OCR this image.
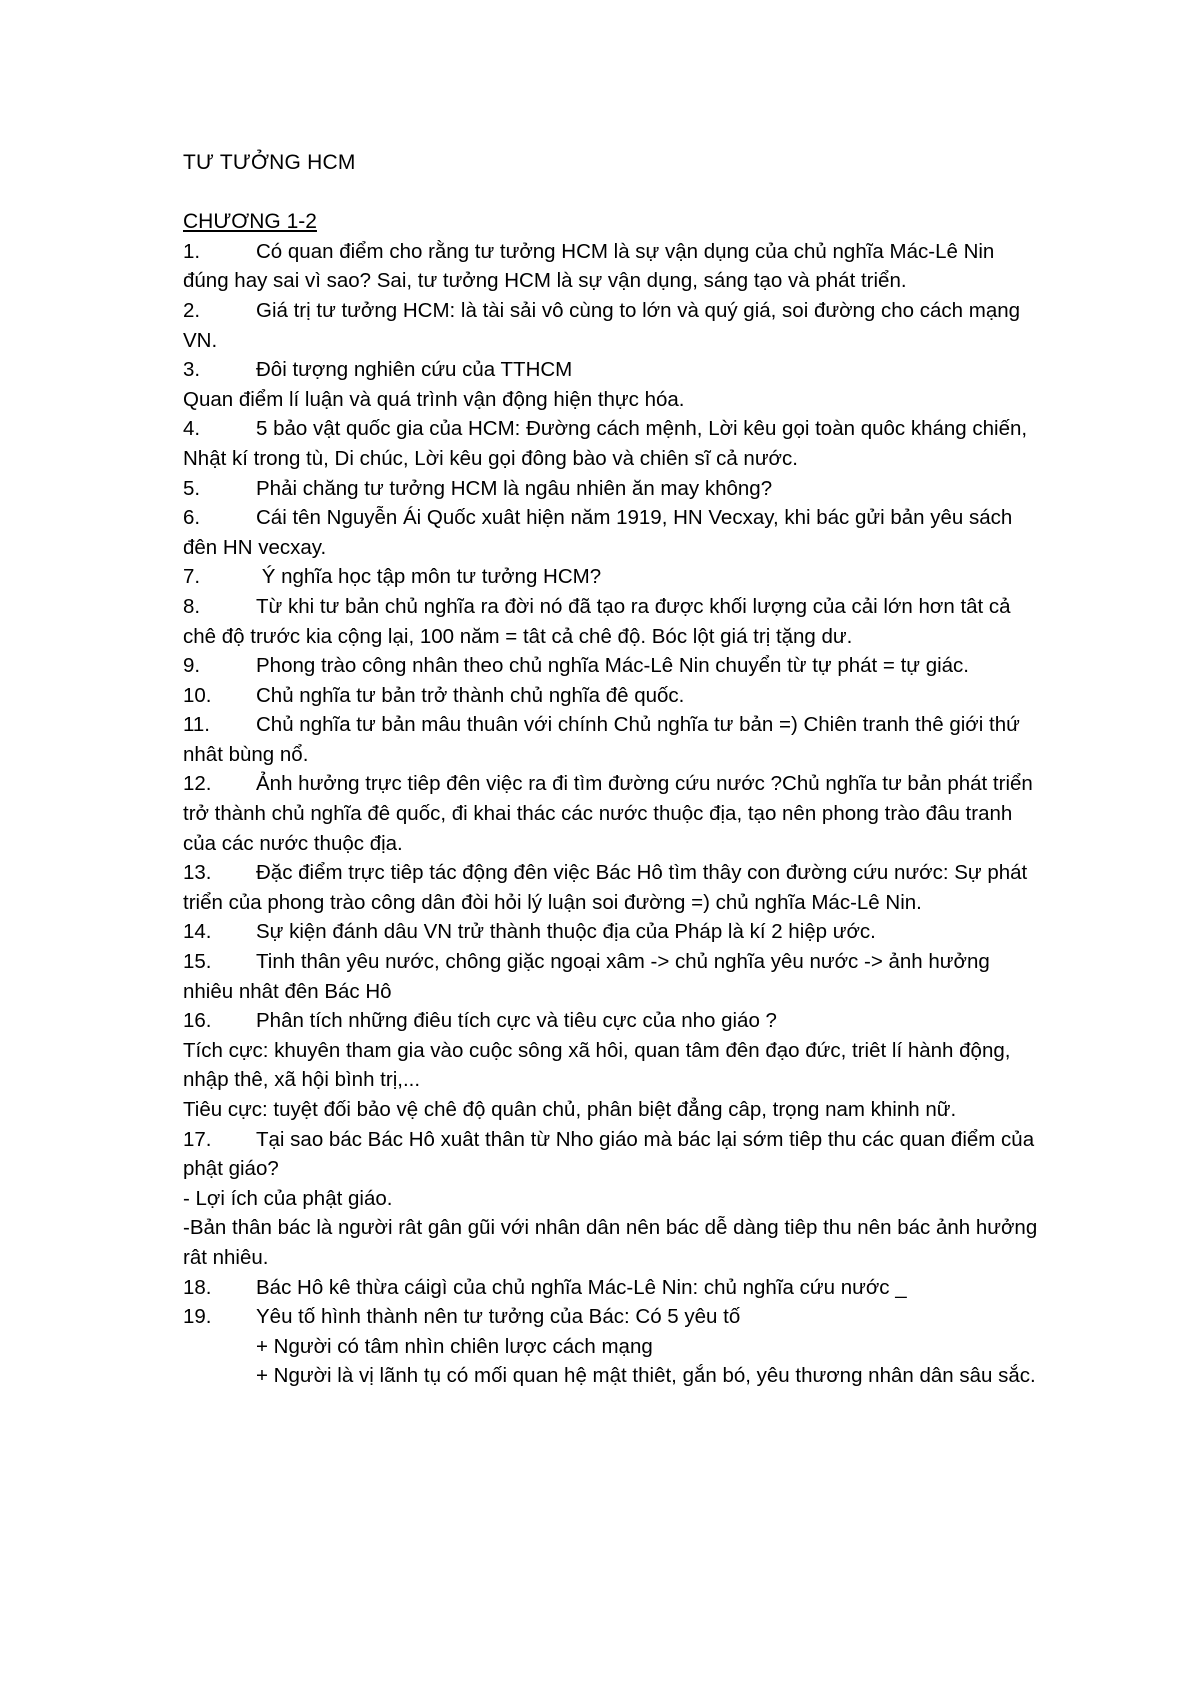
TƯ TƯỞNG HCM

CHƯƠNG 1-2

1.	Có quan điểm cho rằng tư tưởng HCM là sự vận dụng của chủ nghĩa Mác-Lê Nin đúng hay sai vì sao? Sai, tư tưởng HCM là sự vận dụng, sáng tạo và phát triển.

2.	Giá trị tư tưởng HCM: là tài sải vô cùng to lớn và quý giá, soi đường cho cách mạng VN.

3.	Đôi tượng nghiên cứu của TTHCM

Quan điểm lí luận và quá trình vận động hiện thực hóa.

4.	5 bảo vật quốc gia của HCM: Đường cách mệnh, Lời kêu gọi toàn quôc kháng chiến, Nhật kí trong tù, Di chúc, Lời kêu gọi đông bào và chiên sĩ cả nước.

5.	Phải chăng tư tưởng HCM là ngâu nhiên ăn may không?

6.	Cái tên Nguyễn Ái Quốc xuât hiện năm 1919, HN Vecxay, khi bác gửi bản yêu sách đên HN vecxay.

7.	Ý nghĩa học tập môn tư tưởng HCM?

8.	Từ khi tư bản chủ nghĩa ra đời nó đã tạo ra được khối lượng của cải lớn hơn tât cả chê độ trước kia cộng lại, 100 năm = tât cả chê độ. Bóc lột giá trị tặng dư.

9.	Phong trào công nhân theo chủ nghĩa Mác-Lê Nin chuyển từ tự phát = tự giác.

10. Chủ nghĩa tư bản trở thành chủ nghĩa đê quốc.

11. Chủ nghĩa tư bản mâu thuân với chính Chủ nghĩa tư bản =) Chiên tranh thê giới thứ nhât bùng nổ.

12. Ảnh hưởng trực tiêp đên việc ra đi tìm đường cứu nước ?Chủ nghĩa tư bản phát triển trở thành chủ nghĩa đê quốc, đi khai thác các nước thuộc địa, tạo nên phong trào đâu tranh của các nước thuộc địa.

13. Đặc điểm trực tiêp tác động đên việc Bác Hô tìm thây con đường cứu nước: Sự phát triển của phong trào công dân đòi hỏi lý luận soi đường =) chủ nghĩa Mác-Lê Nin.

14. Sự kiện đánh dâu VN trử thành thuộc địa của Pháp là kí 2 hiệp ước.

15. Tinh thân yêu nước, chông giặc ngoại xâm -> chủ nghĩa yêu nước -> ảnh hưởng nhiêu nhât đên Bác Hô

16. Phân tích những điêu tích cực và tiêu cực của nho giáo ?

Tích cực: khuyên tham gia vào cuộc sông xã hôi, quan tâm đên đạo đức, triêt lí hành động, nhập thê, xã hội bình trị,...

Tiêu cực: tuyệt đối bảo vệ chê độ quân chủ, phân biệt đẳng câp, trọng nam khinh nữ.

17. Tại sao bác Bác Hô xuât thân từ Nho giáo mà bác lại sớm tiêp thu các quan điểm của phật giáo?

- Lợi ích của phật giáo.

-Bản thân bác là người rât gân gũi với nhân dân nên bác dễ dàng tiêp thu nên bác ảnh hưởng rât nhiêu.

18. Bác Hô kê thừa cáigì của chủ nghĩa Mác-Lê Nin: chủ nghĩa cứu nước _

19. Yêu tố hình thành nên tư tưởng của Bác: Có 5 yêu tố

+ Người có tâm nhìn chiên lược cách mạng

+ Người là vị lãnh tụ có mối quan hệ mật thiêt, gắn bó, yêu thương nhân dân sâu sắc.
